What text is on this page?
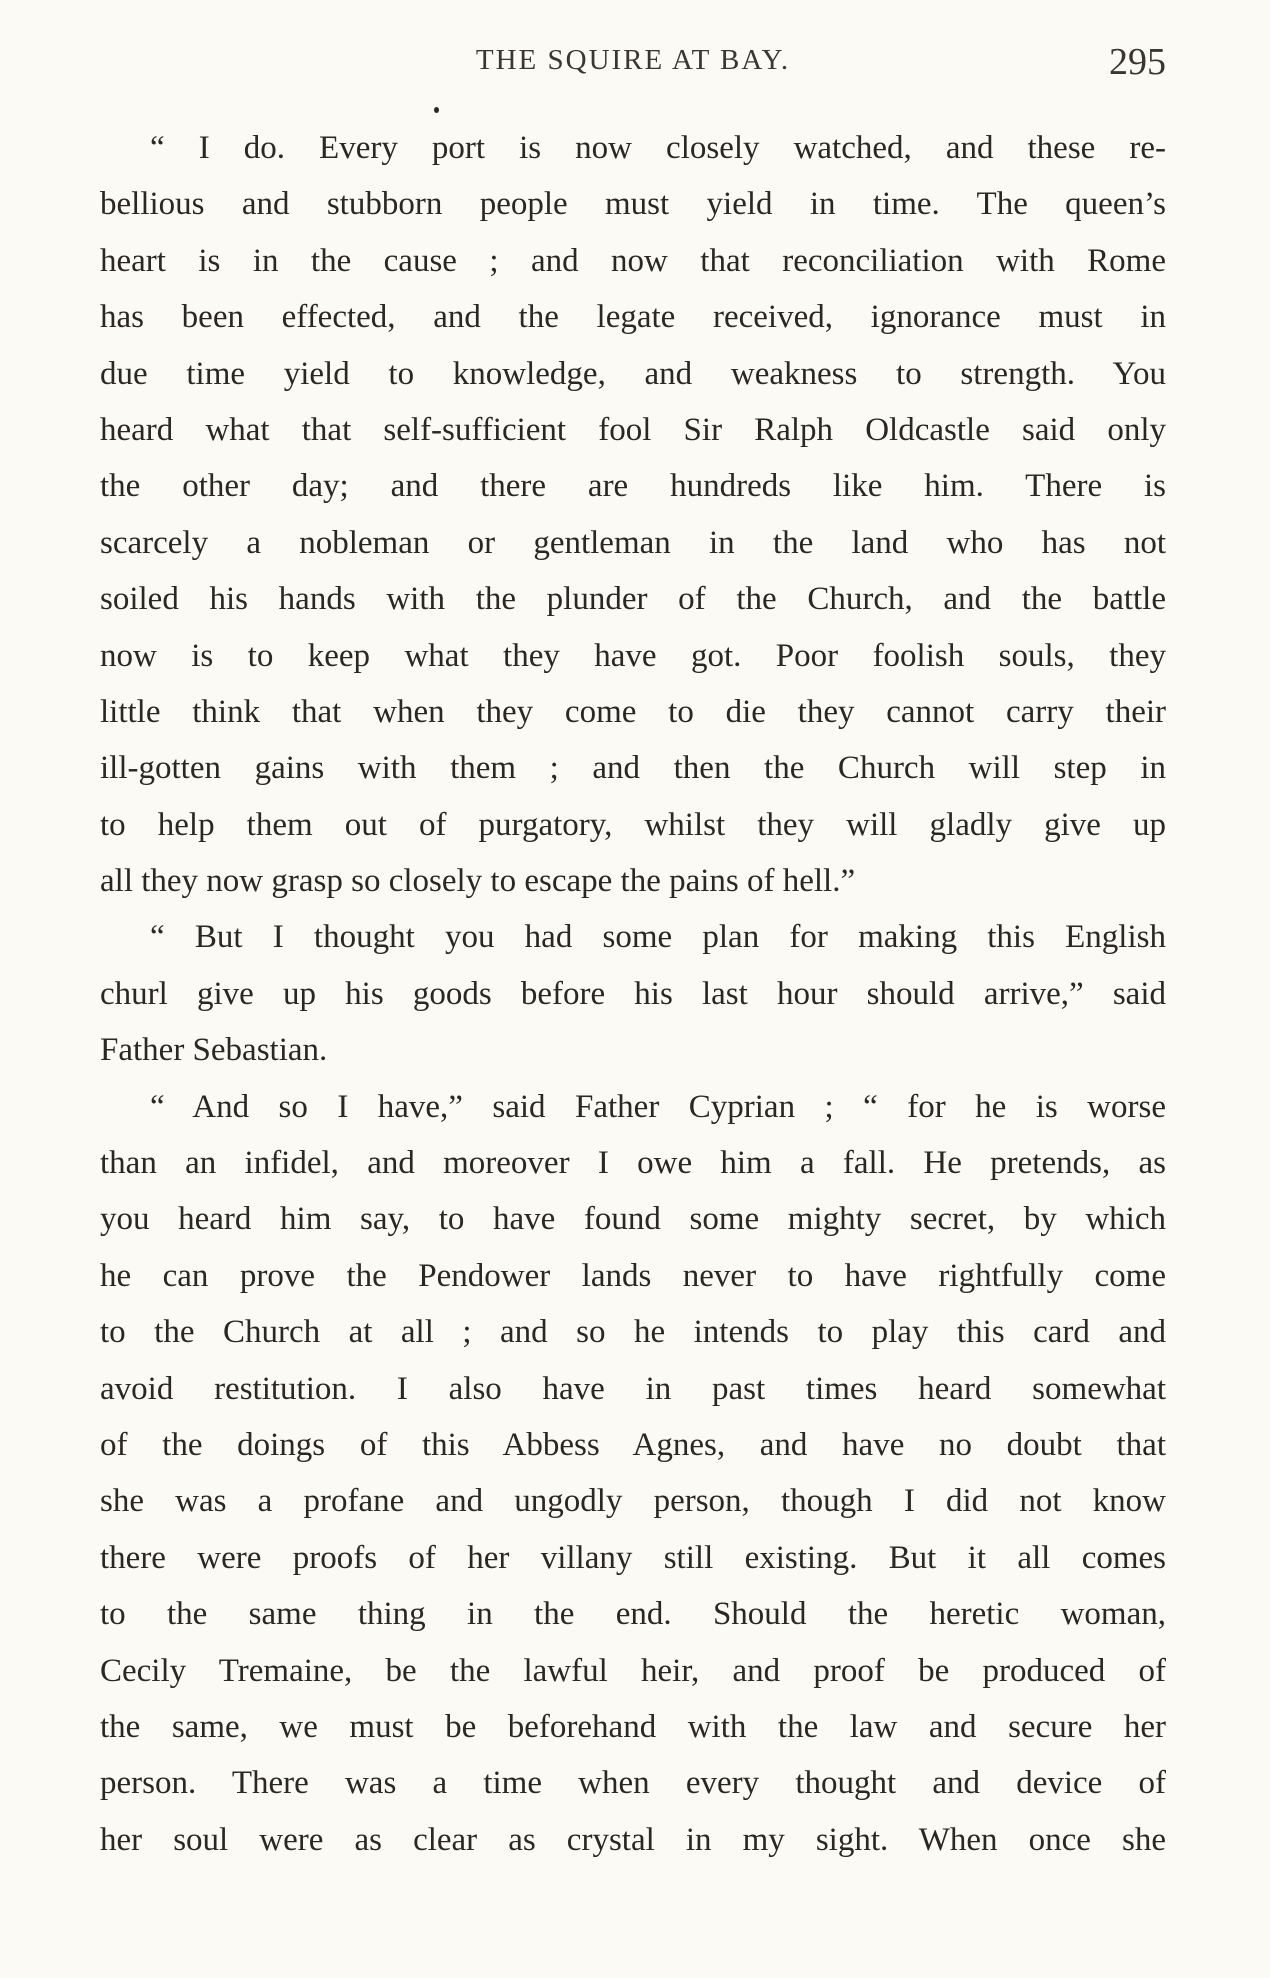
THE SQUIRE AT BAY.	295
“ I do. Every port is now closely watched, and these re-
bellious and stubborn people must yield in time. The queen’s
heart is in the cause ; and now that reconciliation with Rome
has been effected, and the legate received, ignorance must in
due time yield to knowledge, and weakness to strength. You
heard what that self-sufficient fool Sir Ralph Oldcastle said only
the other day; and there are hundreds like him. There is
scarcely a nobleman or gentleman in the land who has not
soiled his hands with the plunder of the Church, and the battle
now is to keep what they have got. Poor foolish souls, they
little think that when they come to die they cannot carry their
ill-gotten gains with them ; and then the Church will step in
to help them out of purgatory, whilst they will gladly give up
all they now grasp so closely to escape the pains of hell.”
“ But I thought you had some plan for making this English
churl give up his goods before his last hour should arrive,” said
Father Sebastian.
“ And so I have,” said Father Cyprian ; “ for he is worse
than an infidel, and moreover I owe him a fall. He pretends, as
you heard him say, to have found some mighty secret, by which
he can prove the Pendower lands never to have rightfully come
to the Church at all ; and so he intends to play this card and
avoid restitution. I also have in past times heard somewhat
of the doings of this Abbess Agnes, and have no doubt that
she was a profane and ungodly person, though I did not know
there were proofs of her villany still existing. But it all comes
to the same thing in the end. Should the heretic woman,
Cecily Tremaine, be the lawful heir, and proof be produced of
the same, we must be beforehand with the law and secure her
person. There was a time when every thought and device of
her soul were as clear as crystal in my sight. When once she
